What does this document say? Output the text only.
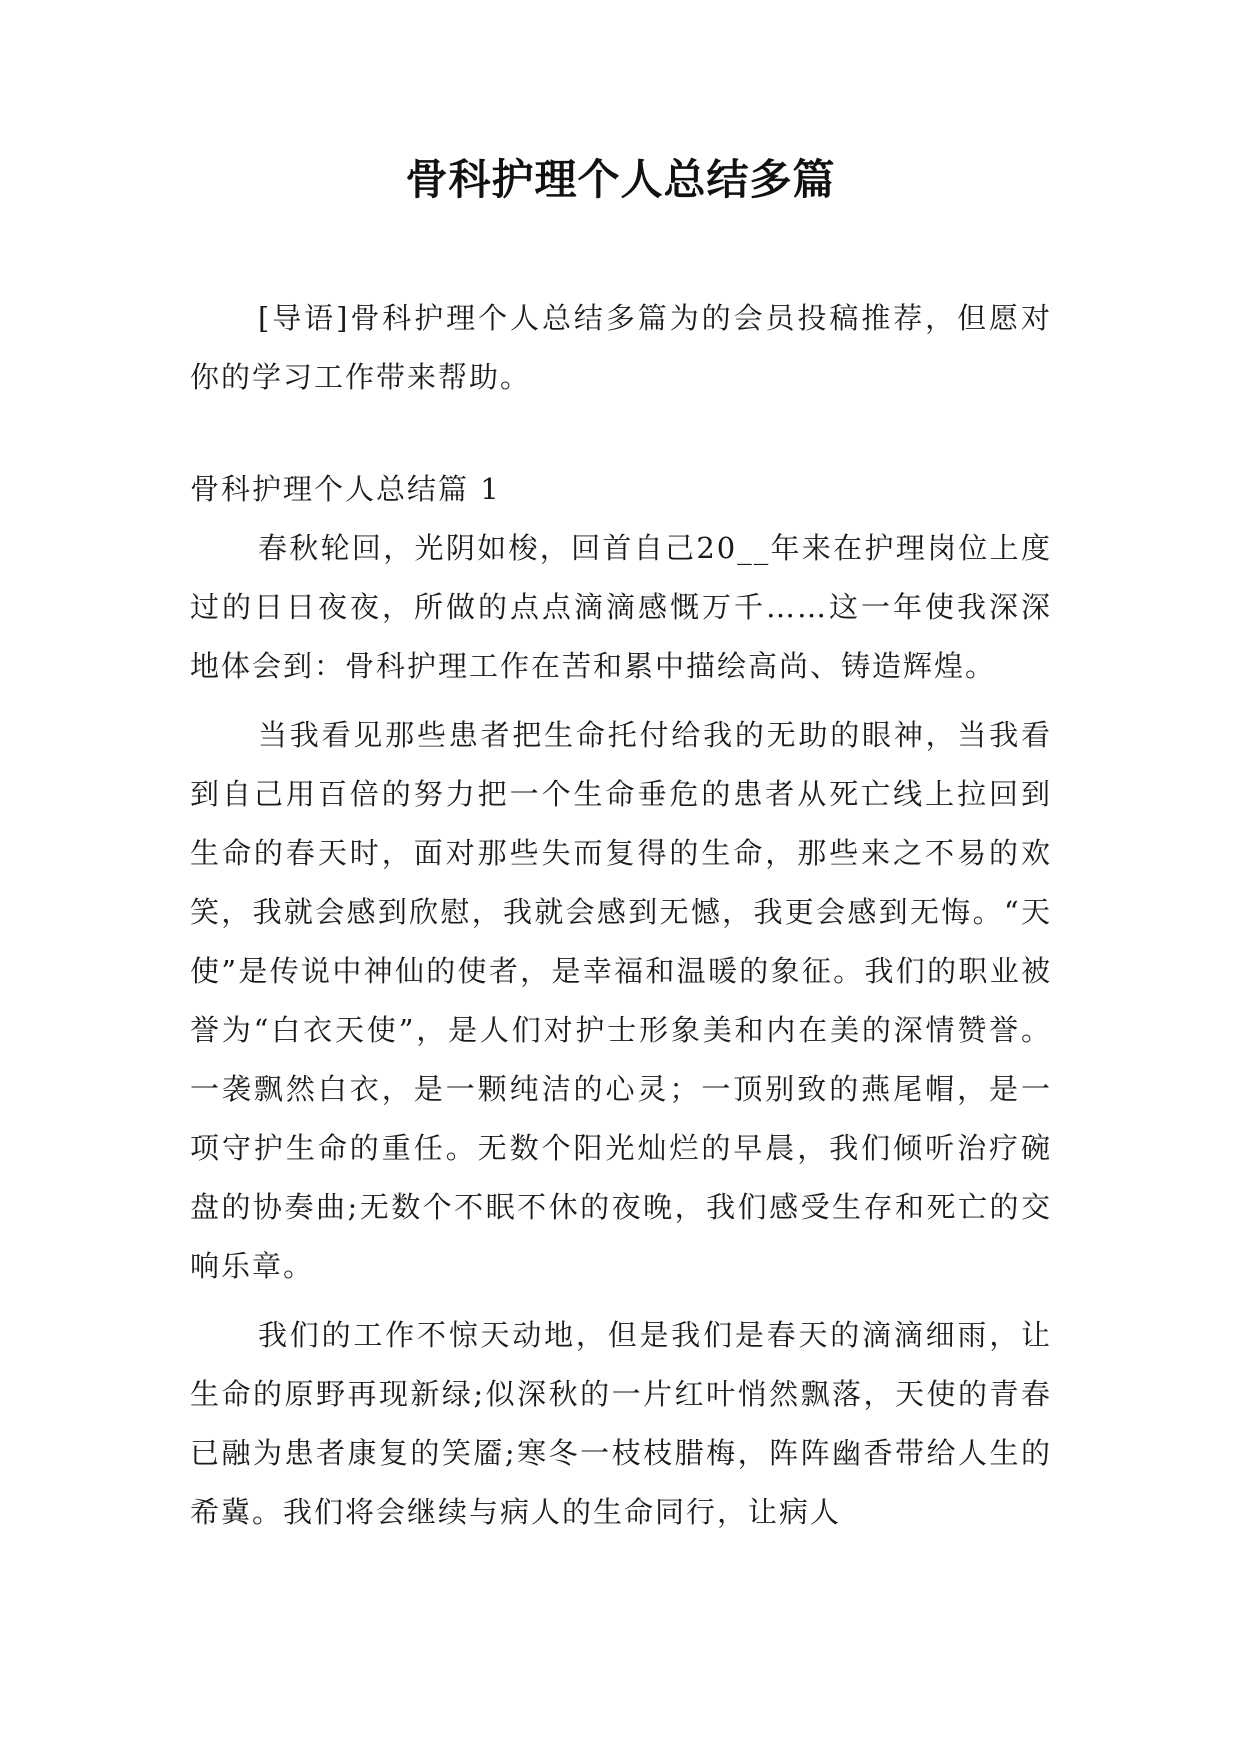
骨科护理个人总结多篇
[导语]骨科护理个人总结多篇为的会员投稿推荐，但愿对你的学习工作带来帮助。
骨科护理个人总结篇 1

春秋轮回，光阴如梭，回首自己20__年来在护理岗位上度过的日日夜夜，所做的点点滴滴感慨万千……这一年使我深深地体会到：骨科护理工作在苦和累中描绘高尚、铸造辉煌。

当我看见那些患者把生命托付给我的无助的眼神，当我看到自己用百倍的努力把一个生命垂危的患者从死亡线上拉回到生命的春天时，面对那些失而复得的生命，那些来之不易的欢笑，我就会感到欣慰，我就会感到无憾，我更会感到无悔。“天使”是传说中神仙的使者，是幸福和温暖的象征。我们的职业被誉为“白衣天使”，是人们对护士形象美和内在美的深情赞誉。一袭飘然白衣，是一颗纯洁的心灵；一顶别致的燕尾帽，是一项守护生命的重任。无数个阳光灿烂的早晨，我们倾听治疗碗盘的协奏曲;无数个不眠不休的夜晚，我们感受生存和死亡的交响乐章。

我们的工作不惊天动地，但是我们是春天的滴滴细雨，让生命的原野再现新绿;似深秋的一片红叶悄然飘落，天使的青春已融为患者康复的笑靥;寒冬一枝枝腊梅，阵阵幽香带给人生的希冀。我们将会继续与病人的生命同行，让病人
